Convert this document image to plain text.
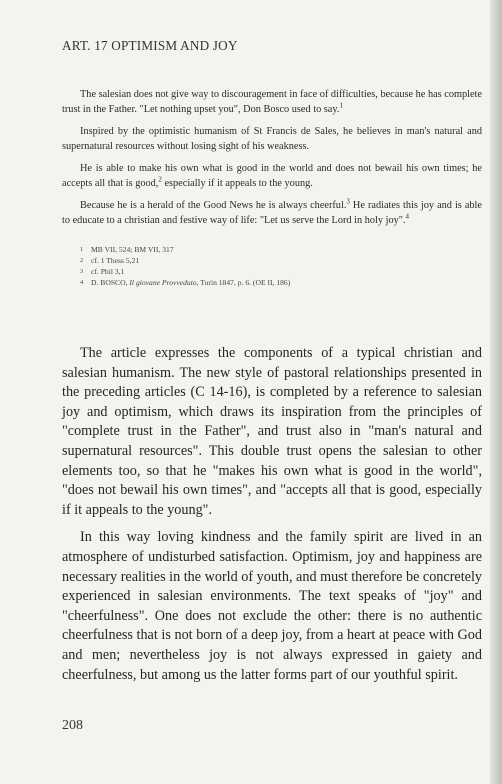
ART. 17 OPTIMISM AND JOY

The salesian does not give way to discouragement in face of difficulties, because he has complete trust in the Father. "Let nothing upset you", Don Bosco used to say.$^1$

Inspired by the optimistic humanism of St Francis de Sales, he believes in man's natural and supernatural resources without losing sight of his weakness.

He is able to make his own what is good in the world and does not bewail his own times; he accepts all that is good,$^2$ especially if it appeals to the young.

Because he is a herald of the Good News he is always cheerful.$^3$ He radiates this joy and is able to educate to a christian and festive way of life: "Let us serve the Lord in holy joy".$^4$

1 MB VII, 524; BM VII, 317
2 cf. 1 Thess 5,21
3 cf. Phil 3,1
4 D. BOSCO, Il giovane Provveduto, Turin 1847, p. 6. (OE II, 186)

The article expresses the components of a typical christian and salesian humanism. The new style of pastoral relationships presented in the preceding articles (C 14-16), is completed by a reference to salesian joy and optimism, which draws its inspiration from the principles of "complete trust in the Father", and trust also in "man's natural and supernatural resources". This double trust opens the salesian to other elements too, so that he "makes his own what is good in the world", "does not bewail his own times", and "accepts all that is good, especially if it appeals to the young".

In this way loving kindness and the family spirit are lived in an atmosphere of undisturbed satisfaction. Optimism, joy and happiness are necessary realities in the world of youth, and must therefore be concretely experienced in salesian environments. The text speaks of "joy" and "cheerfulness". One does not exclude the other: there is no authentic cheerfulness that is not born of a deep joy, from a heart at peace with God and men; nevertheless joy is not always expressed in gaiety and cheerfulness, but among us the latter forms part of our youthful spirit.

208
